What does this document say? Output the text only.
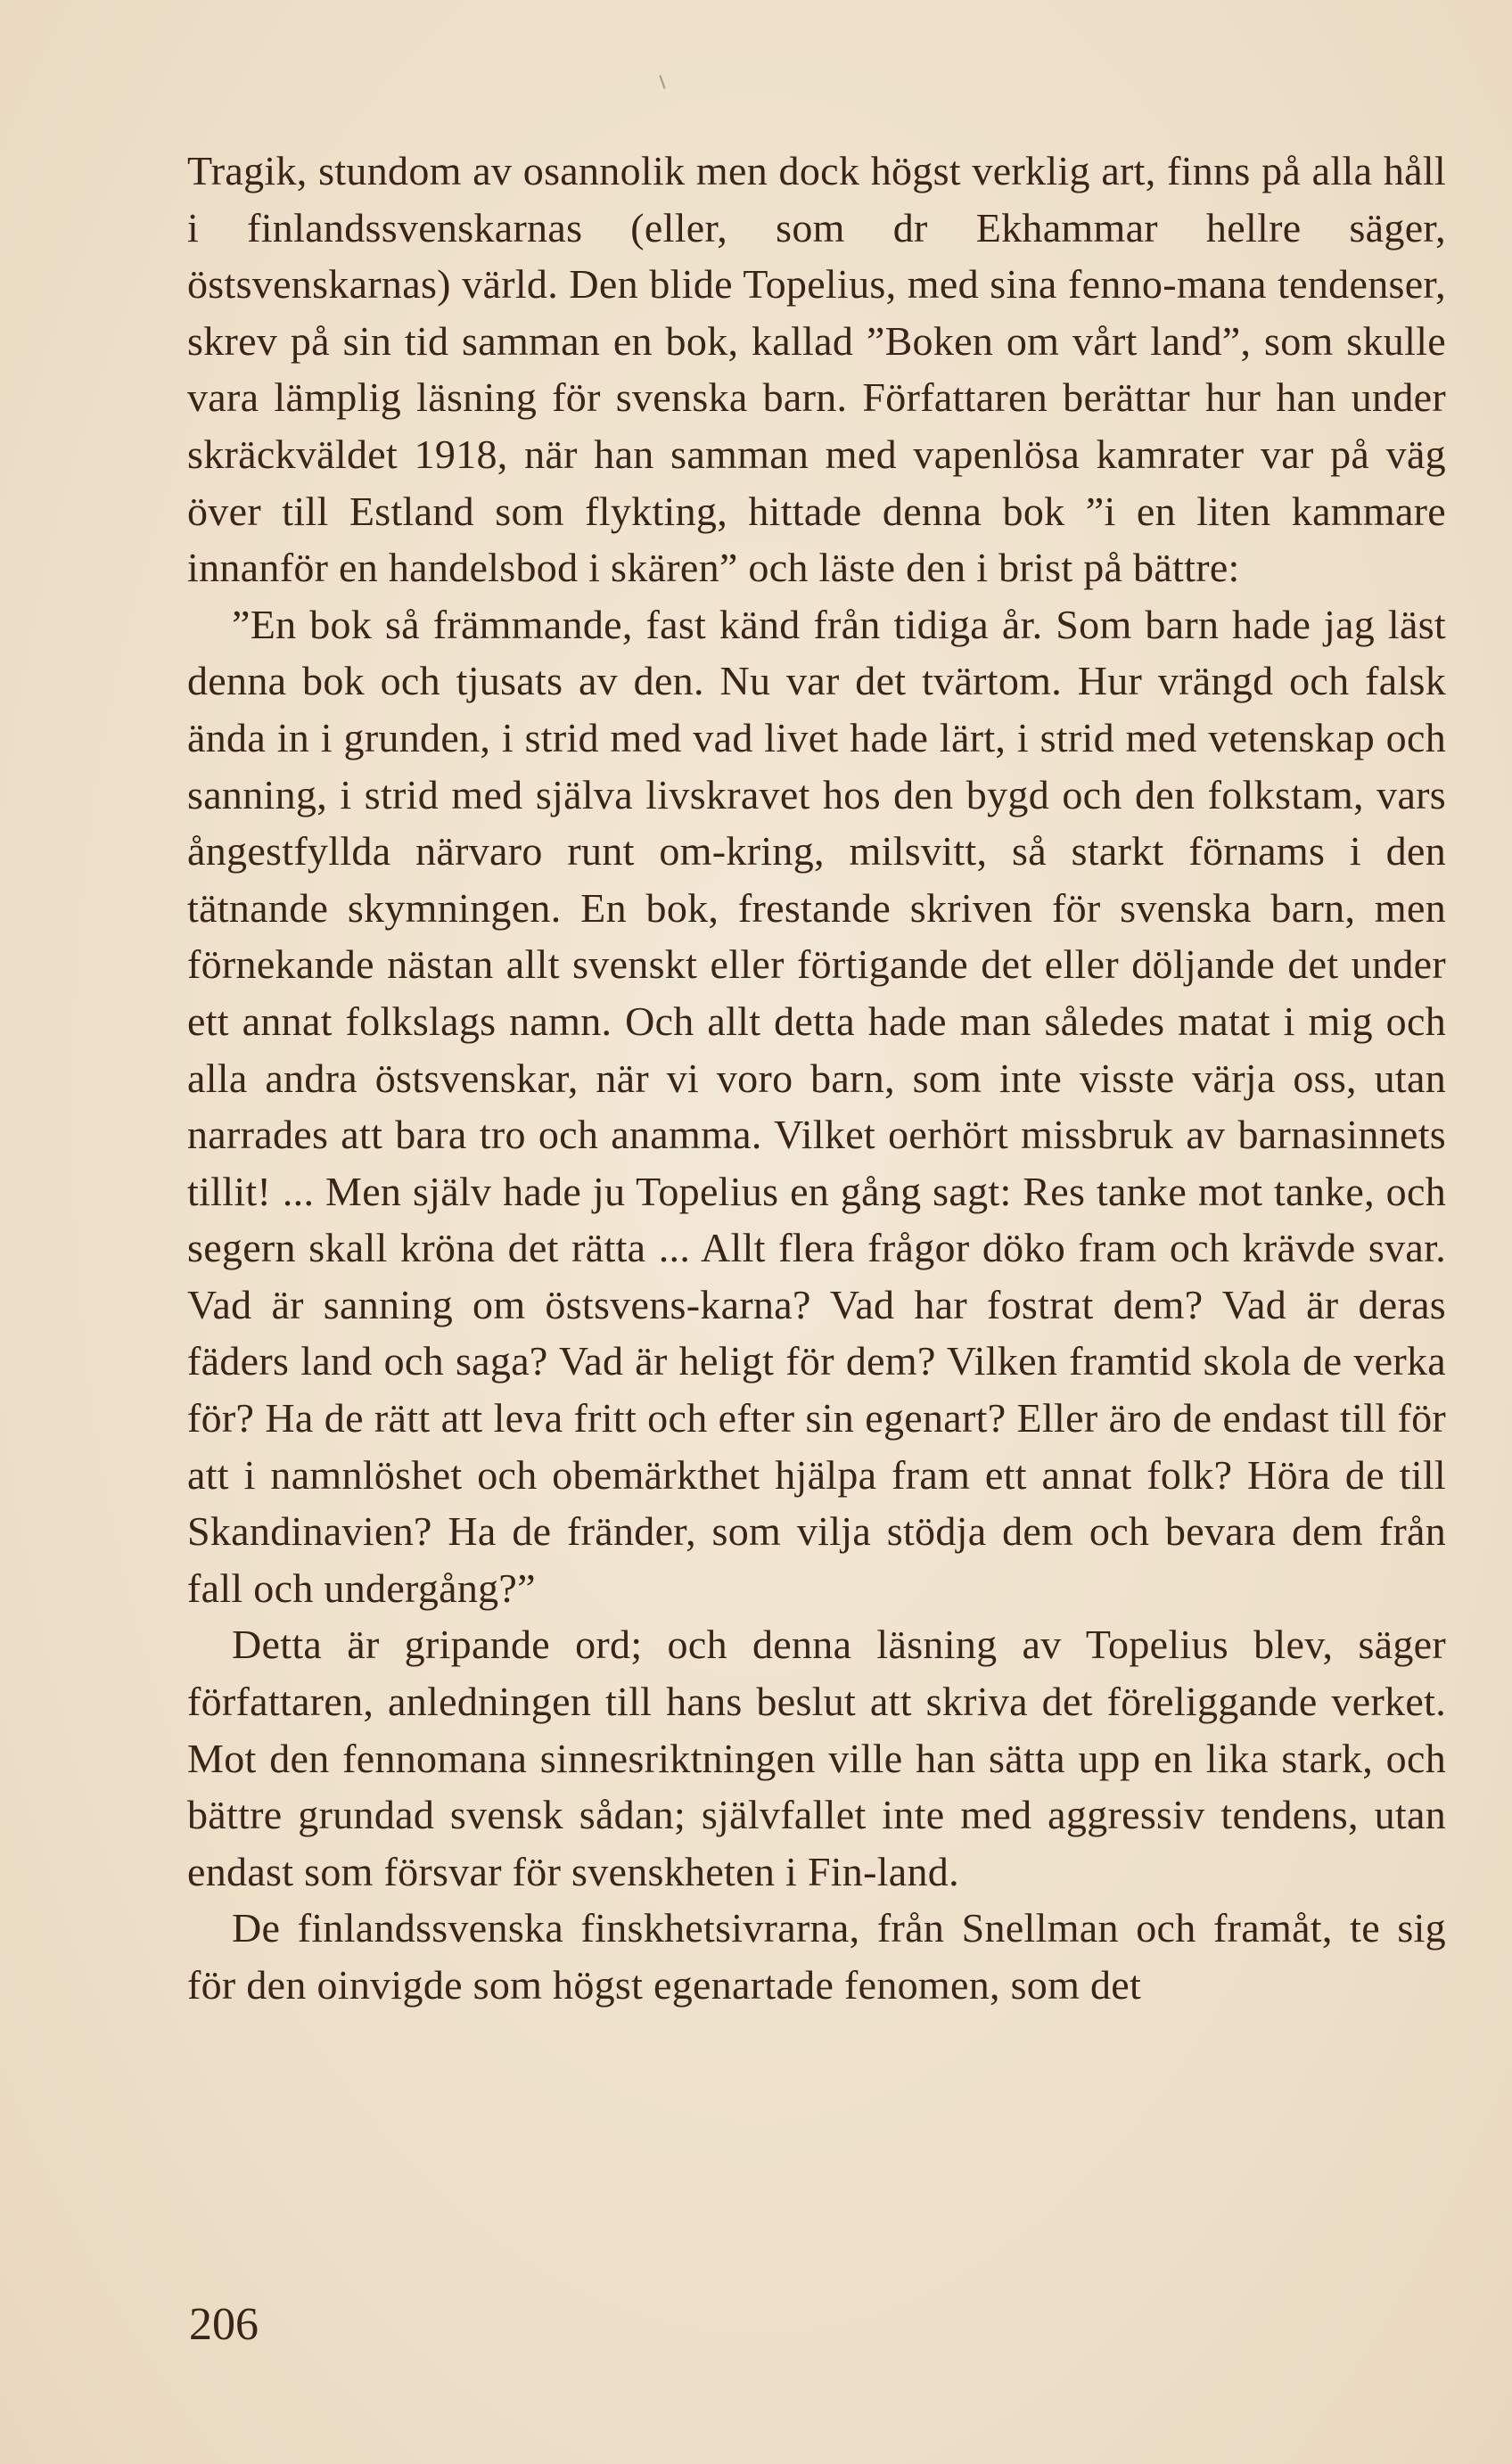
Tragik, stundom av osannolik men dock högst verklig art, finns på alla håll i finlandssvenskarnas (eller, som dr Ekhammar hellre säger, östsvenskarnas) värld. Den blide Topelius, med sina fenno-mana tendenser, skrev på sin tid samman en bok, kallad ”Boken om vårt land”, som skulle vara lämplig läsning för svenska barn. Författaren berättar hur han under skräckväldet 1918, när han samman med vapenlösa kamrater var på väg över till Estland som flykting, hittade denna bok ”i en liten kammare innanför en handelsbod i skären” och läste den i brist på bättre:

”En bok så främmande, fast känd från tidiga år. Som barn hade jag läst denna bok och tjusats av den. Nu var det tvärtom. Hur vrängd och falsk ända in i grunden, i strid med vad livet hade lärt, i strid med vetenskap och sanning, i strid med själva livskravet hos den bygd och den folkstam, vars ångestfyllda närvaro runt om-kring, milsvitt, så starkt förnams i den tätnande skymningen. En bok, frestande skriven för svenska barn, men förnekande nästan allt svenskt eller förtigande det eller döljande det under ett annat folkslags namn. Och allt detta hade man således matat i mig och alla andra östsvenskar, när vi voro barn, som inte visste värja oss, utan narrades att bara tro och anamma. Vilket oerhört missbruk av barnasinnets tillit! ... Men själv hade ju Topelius en gång sagt: Res tanke mot tanke, och segern skall kröna det rätta ... Allt flera frågor döko fram och krävde svar. Vad är sanning om östsvens-karna? Vad har fostrat dem? Vad är deras fäders land och saga? Vad är heligt för dem? Vilken framtid skola de verka för? Ha de rätt att leva fritt och efter sin egenart? Eller äro de endast till för att i namnlöshet och obemärkthet hjälpa fram ett annat folk? Höra de till Skandinavien? Ha de fränder, som vilja stödja dem och bevara dem från fall och undergång?”

Detta är gripande ord; och denna läsning av Topelius blev, säger författaren, anledningen till hans beslut att skriva det föreliggande verket. Mot den fennomana sinnesriktningen ville han sätta upp en lika stark, och bättre grundad svensk sådan; självfallet inte med aggressiv tendens, utan endast som försvar för svenskheten i Fin-land.

De finlandssvenska finskhetsivrarna, från Snellman och framåt, te sig för den oinvigde som högst egenartade fenomen, som det

206
